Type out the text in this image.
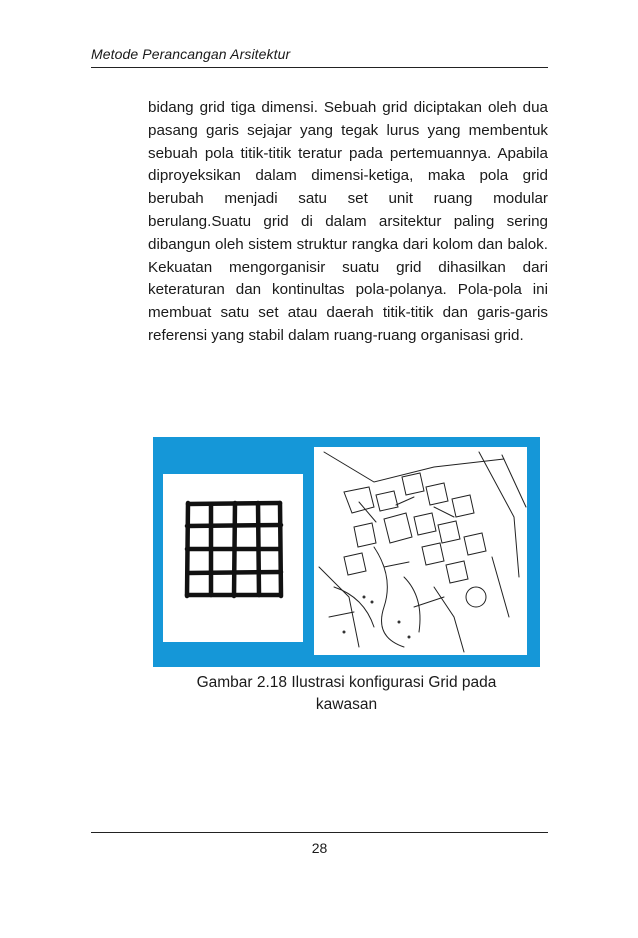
Metode Perancangan Arsitektur

bidang grid tiga dimensi. Sebuah grid diciptakan oleh dua pasang garis sejajar yang tegak lurus yang membentuk sebuah pola titik-titik teratur pada pertemuannya. Apabila diproyeksikan dalam dimensi-ketiga, maka pola grid berubah menjadi satu set unit ruang modular berulang.Suatu grid di dalam arsitektur paling sering dibangun oleh sistem struktur rangka dari kolom dan balok. Kekuatan mengorganisir suatu grid dihasilkan dari keteraturan dan kontinultas pola-polanya. Pola-pola ini membuat satu set atau daerah titik-titik dan garis-garis referensi yang stabil dalam ruang-ruang organisasi grid.

Gambar 2.18 Ilustrasi konfigurasi Grid pada
kawasan
28
